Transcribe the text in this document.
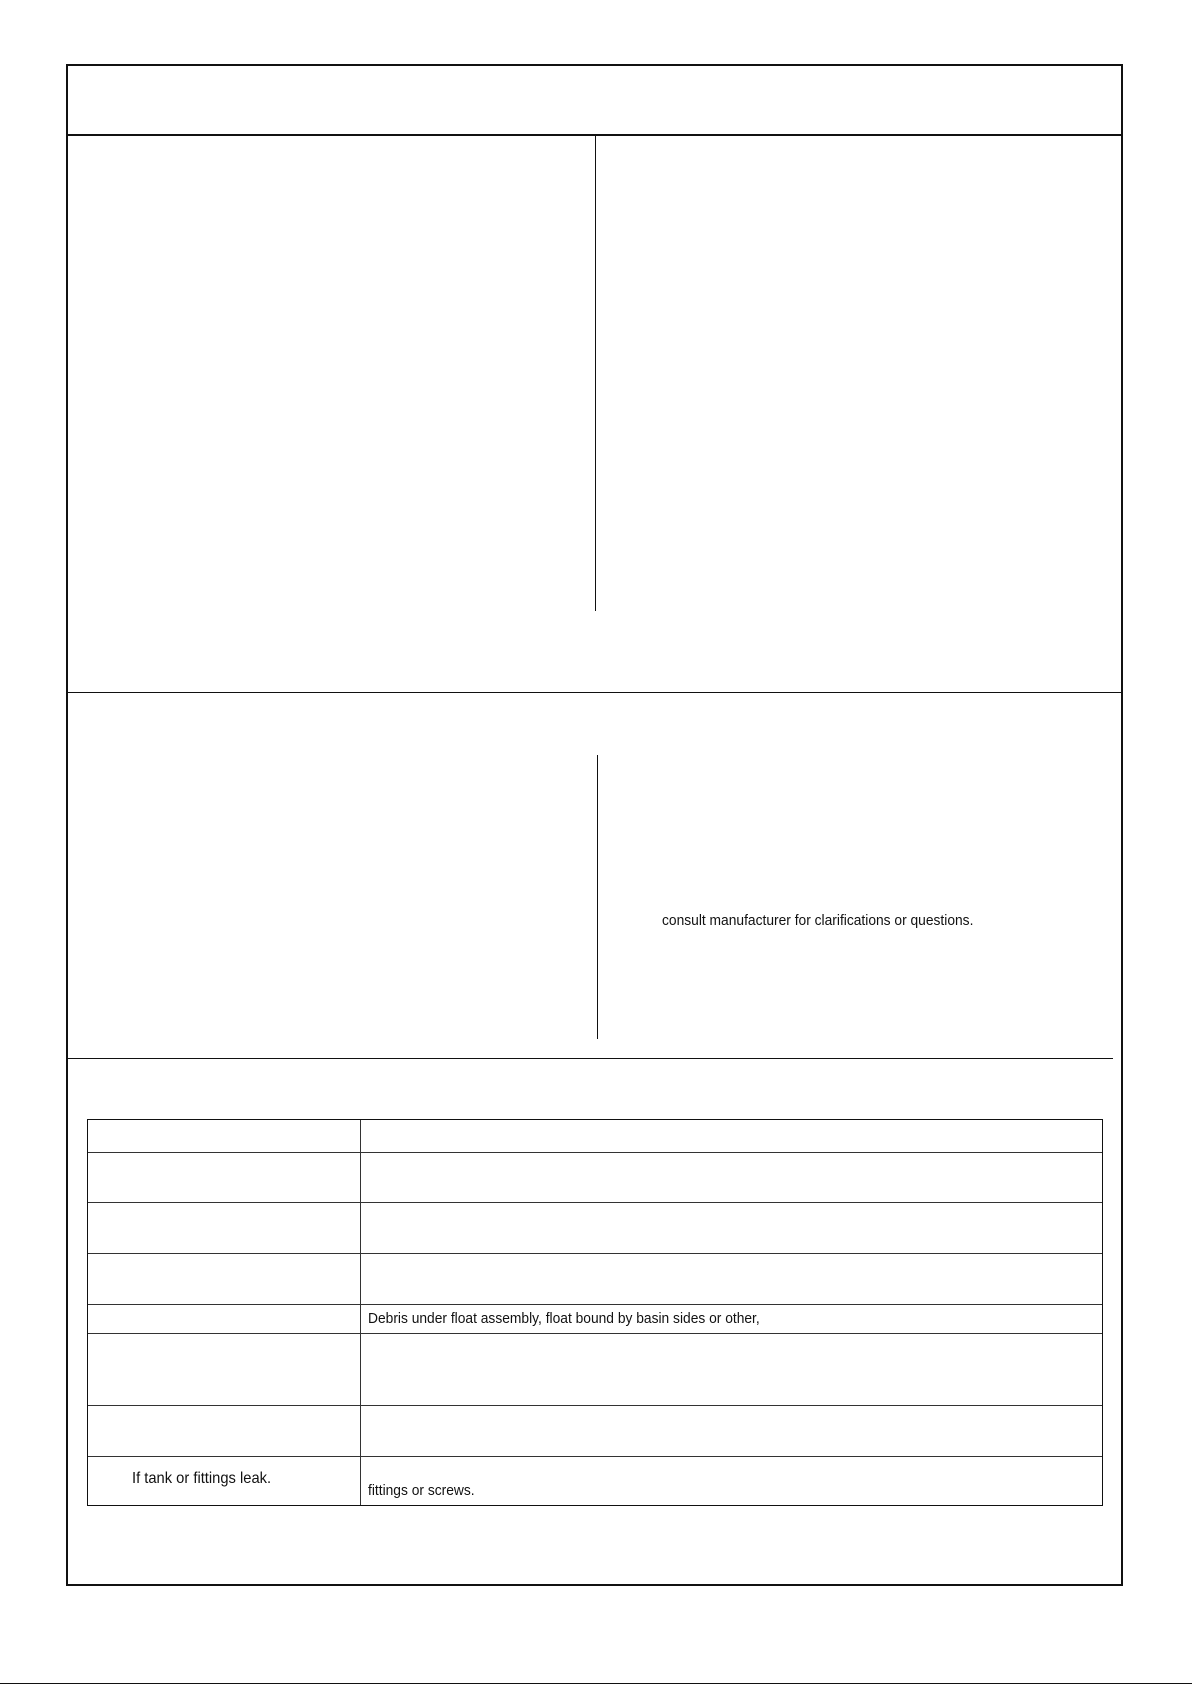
consult manufacturer for clarifications or questions.
Debris under float assembly, float bound by basin sides or other,
If tank or fittings leak.
fittings or screws.
